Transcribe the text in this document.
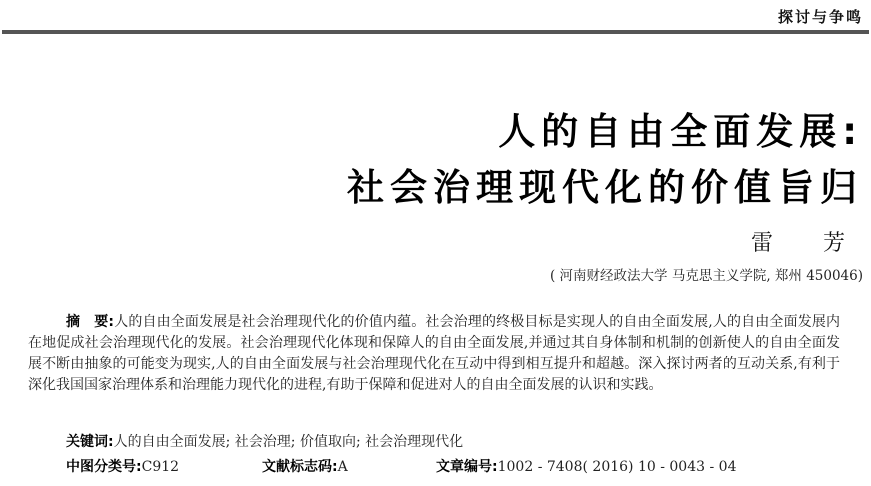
探讨与争鸣
人的自由全面发展:
社会治理现代化的价值旨归
雷　芳
( 河南财经政法大学 马克思主义学院, 郑州 450046)
摘　要:人的自由全面发展是社会治理现代化的价值内蕴。社会治理的终极目标是实现人的自由全面发展,人的自由全面发展内在地促成社会治理现代化的发展。社会治理现代化体现和保障人的自由全面发展,并通过其自身体制和机制的创新使人的自由全面发展不断由抽象的可能变为现实,人的自由全面发展与社会治理现代化在互动中得到相互提升和超越。深入探讨两者的互动关系,有利于深化我国国家治理体系和治理能力现代化的进程,有助于保障和促进对人的自由全面发展的认识和实践。
关键词:人的自由全面发展; 社会治理; 价值取向; 社会治理现代化
中图分类号:C912	文献标志码:A	文章编号:1002 - 7408( 2016) 10 - 0043 - 04
